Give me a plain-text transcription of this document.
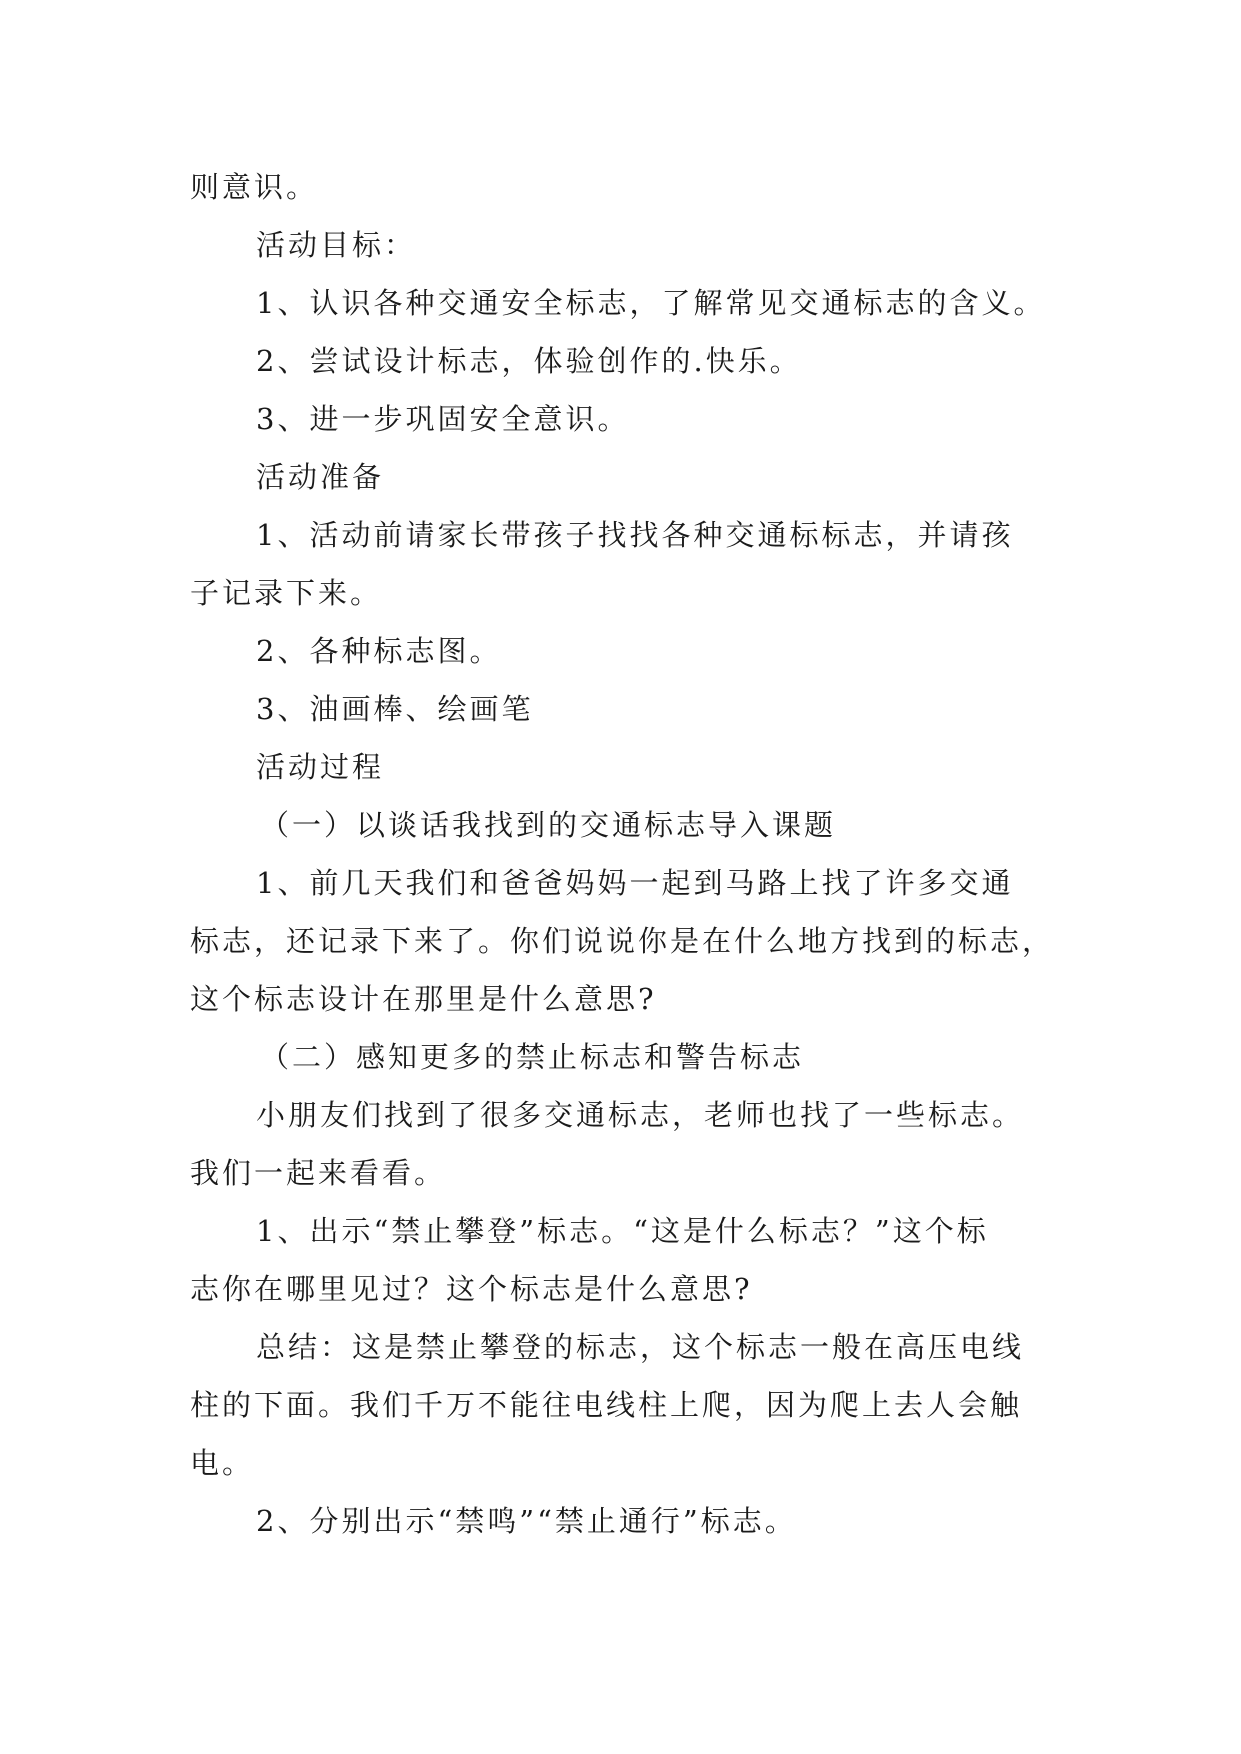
则意识。
活动目标：
1、认识各种交通安全标志，了解常见交通标志的含义。
2、尝试设计标志，体验创作的.快乐。
3、进一步巩固安全意识。
活动准备
1、活动前请家长带孩子找找各种交通标标志，并请孩
子记录下来。
2、各种标志图。
3、油画棒、绘画笔
活动过程
（一）以谈话我找到的交通标志导入课题
1、前几天我们和爸爸妈妈一起到马路上找了许多交通
标志，还记录下来了。你们说说你是在什么地方找到的标志，
这个标志设计在那里是什么意思?
（二）感知更多的禁止标志和警告标志
小朋友们找到了很多交通标志，老师也找了一些标志。
我们一起来看看。
1、出示“禁止攀登”标志。“这是什么标志？”这个标
志你在哪里见过？这个标志是什么意思?
总结：这是禁止攀登的标志，这个标志一般在高压电线
柱的下面。我们千万不能往电线柱上爬，因为爬上去人会触
电。
2、分别出示“禁鸣”“禁止通行”标志。
